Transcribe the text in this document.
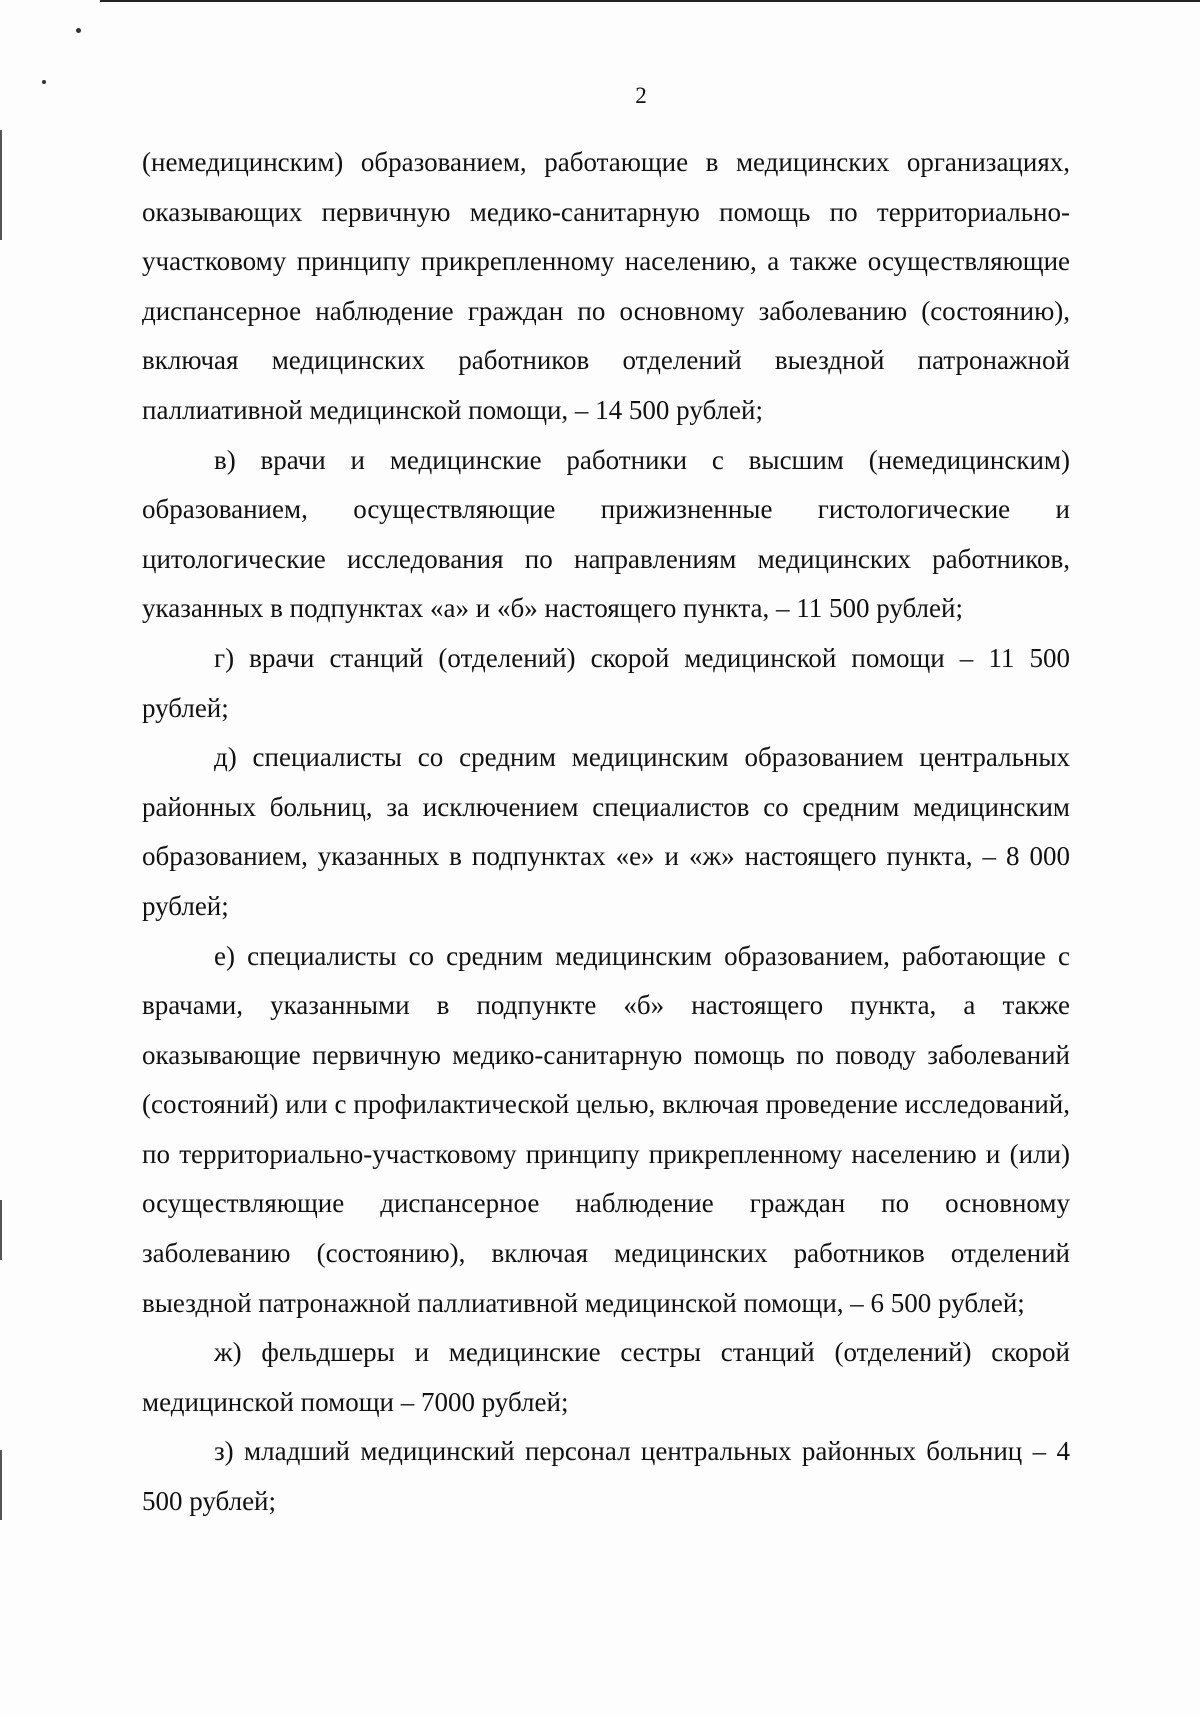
2

(немедицинским) образованием, работающие в медицинских организациях, оказывающих первичную медико-санитарную помощь по территориально-участковому принципу прикрепленному населению, а также осуществляющие диспансерное наблюдение граждан по основному заболеванию (состоянию), включая медицинских работников отделений выездной патронажной паллиативной медицинской помощи, – 14 500 рублей;

в) врачи и медицинские работники с высшим (немедицинским) образованием, осуществляющие прижизненные гистологические и цитологические исследования по направлениям медицинских работников, указанных в подпунктах «а» и «б» настоящего пункта, – 11 500 рублей;

г) врачи станций (отделений) скорой медицинской помощи – 11 500 рублей;

д) специалисты со средним медицинским образованием центральных районных больниц, за исключением специалистов со средним медицинским образованием, указанных в подпунктах «е» и «ж» настоящего пункта, – 8 000 рублей;

е) специалисты со средним медицинским образованием, работающие с врачами, указанными в подпункте «б» настоящего пункта, а также оказывающие первичную медико-санитарную помощь по поводу заболеваний (состояний) или с профилактической целью, включая проведение исследований, по территориально-участковому принципу прикрепленному населению и (или) осуществляющие диспансерное наблюдение граждан по основному заболеванию (состоянию), включая медицинских работников отделений выездной патронажной паллиативной медицинской помощи, – 6 500 рублей;

ж) фельдшеры и медицинские сестры станций (отделений) скорой медицинской помощи – 7000 рублей;

з) младший медицинский персонал центральных районных больниц – 4 500 рублей;
